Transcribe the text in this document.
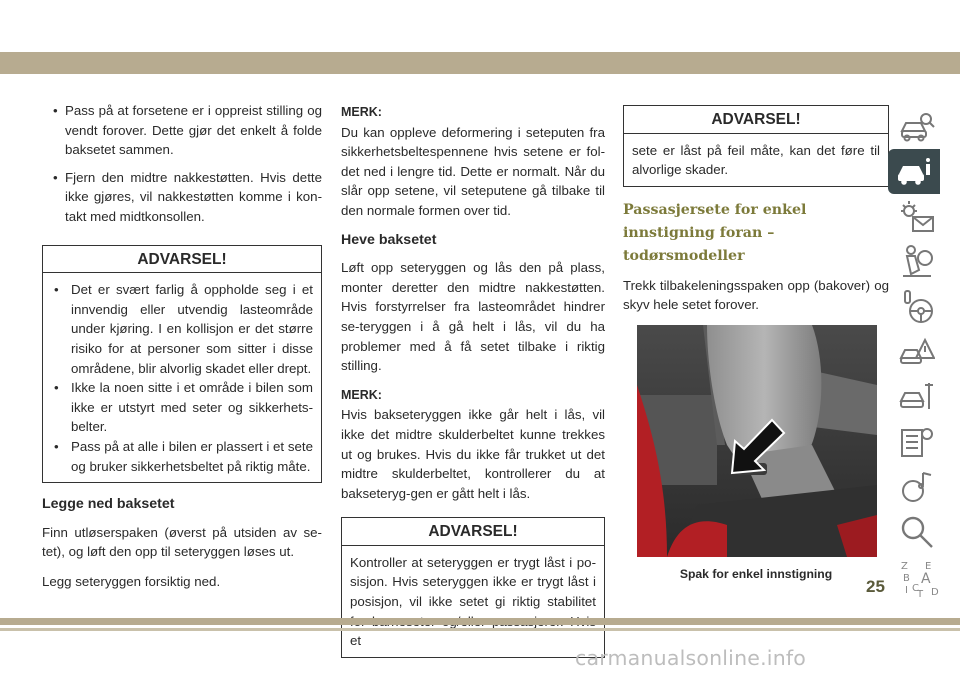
• Pass på at forsetene er i oppreist stilling og vendt forover. Dette gjør det enkelt å folde baksetet sammen.
• Fjern den midtre nakkestøtten. Hvis dette ikke gjøres, vil nakkestøtten komme i kon-takt med midtkonsollen.
ADVARSEL!
• Det er svært farlig å oppholde seg i et innvendig eller utvendig lasteområde under kjøring. I en kollisjon er det større risiko for at personer som sitter i disse områdene, blir alvorlig skadet eller drept.
• Ikke la noen sitte i et område i bilen som ikke er utstyrt med seter og sikkerhets-belter.
• Pass på at alle i bilen er plassert i et sete og bruker sikkerhetsbeltet på riktig måte.
Legge ned baksetet

Finn utløserspaken (øverst på utsiden av se-tet), og løft den opp til seteryggen løses ut.

Legg seteryggen forsiktig ned.

MERK:

Du kan oppleve deformering i seteputen fra sikkerhetsbeltespennene hvis setene er fol-det ned i lengre tid. Dette er normalt. Når du slår opp setene, vil seteputene gå tilbake til den normale formen over tid.

Heve baksetet

Løft opp seteryggen og lås den på plass, monter deretter den midtre nakkestøtten. Hvis forstyrrelser fra lasteområdet hindrer se-teryggen i å gå helt i lås, vil du ha problemer med å få setet tilbake i riktig stilling.

MERK:

Hvis bakseteryggen ikke går helt i lås, vil ikke det midtre skulderbeltet kunne trekkes ut og brukes. Hvis du ikke får trukket ut det midtre skulderbeltet, kontrollerer du at bakseteryg-gen er gått helt i lås.

ADVARSEL!

Kontroller at seteryggen er trygt låst i po-sisjon. Hvis seteryggen ikke er trygt låst i posisjon, vil ikke setet gi riktig stabilitet et

ADVARSEL!

sete er låst på feil måte, kan det føre til alvorlige skader.

Passasjersete for enkel innstigning foran – todørsmodeller

Trekk tilbakeleningsspaken opp (bakover) og skyv hele setet forover.

Spak for enkel innstigning
Z E
B A
I C
T D
25
carmanualsonline.info
